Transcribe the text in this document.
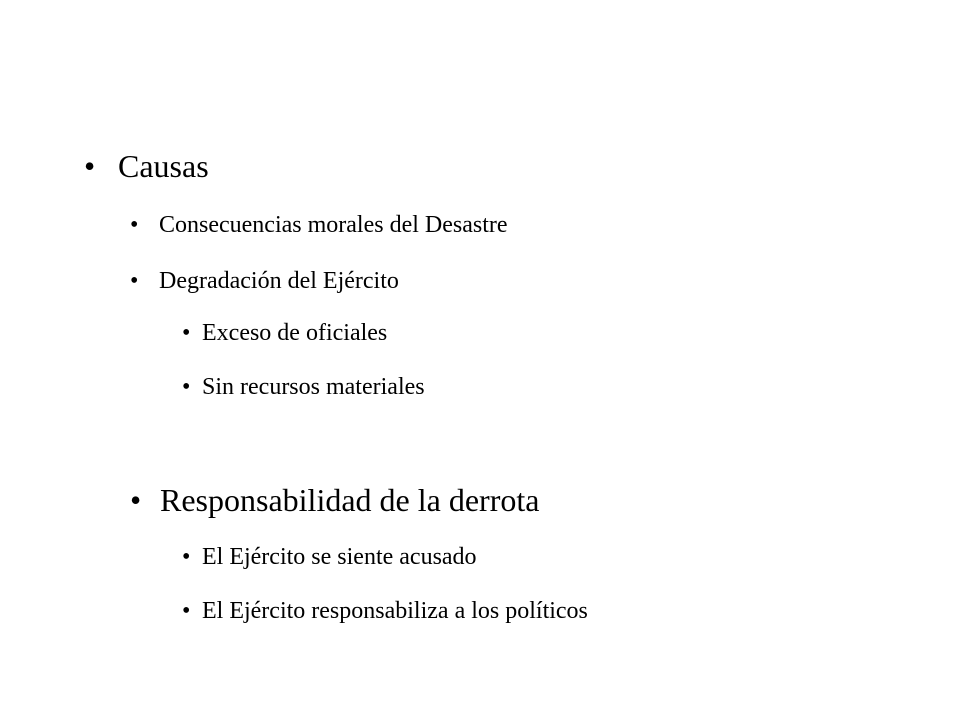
• Causas
• Consecuencias morales del Desastre
• Degradación del Ejército
• Exceso de oficiales
• Sin recursos materiales
• Responsabilidad de la derrota
• El Ejército se siente acusado
• El Ejército responsabiliza a los políticos
